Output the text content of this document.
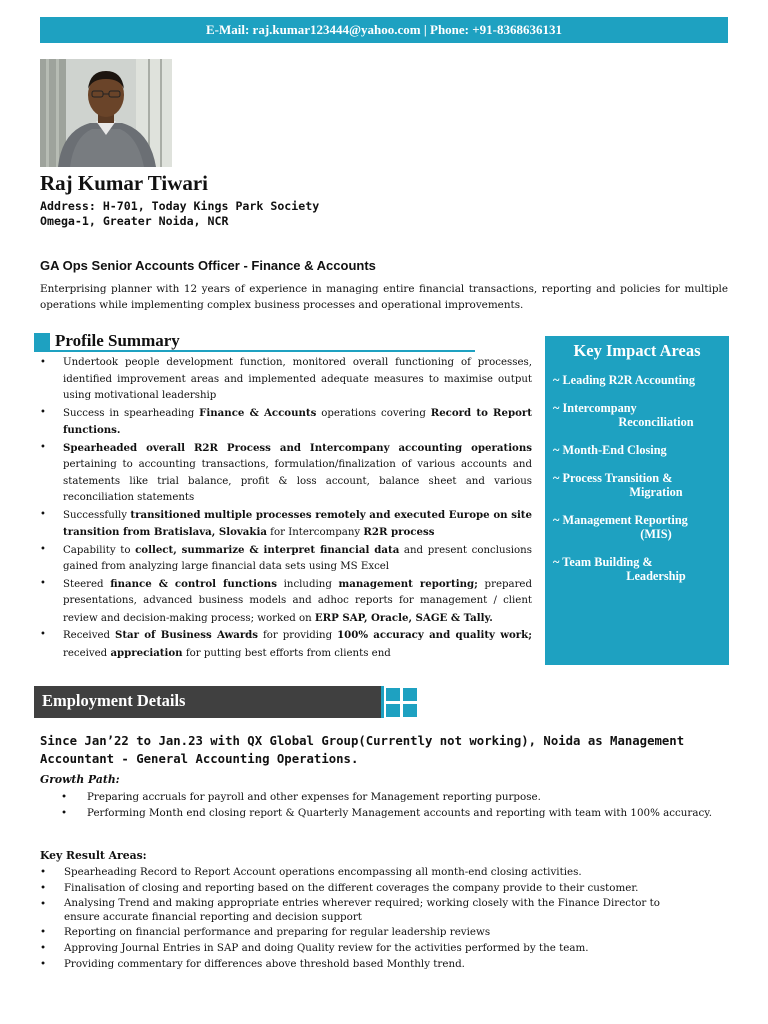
E-Mail: raj.kumar123444@yahoo.com | Phone: +91-8368636131
Raj Kumar Tiwari
Address: H-701, Today Kings Park Society
Omega-1, Greater Noida, NCR
GA Ops Senior Accounts Officer - Finance & Accounts
Enterprising planner with 12 years of experience in managing entire financial transactions, reporting and policies for multiple operations while implementing complex business processes and operational improvements.
Profile Summary
• Undertook people development function, monitored overall functioning of processes, identified improvement areas and implemented adequate measures to maximise output using motivational leadership
• Success in spearheading Finance & Accounts operations covering Record to Report functions.
• Spearheaded overall R2R Process and Intercompany accounting operations pertaining to accounting transactions, formulation/finalization of various accounts and statements like trial balance, profit & loss account, balance sheet and various reconciliation statements
• Successfully transitioned multiple processes remotely and executed Europe on site transition from Bratislava, Slovakia for Intercompany R2R process
• Capability to collect, summarize & interpret financial data and present conclusions gained from analyzing large financial data sets using MS Excel
• Steered finance & control functions including management reporting; prepared presentations, advanced business models and adhoc reports for management / client review and decision-making process; worked on ERP SAP, Oracle, SAGE & Tally.
• Received Star of Business Awards for providing 100% accuracy and quality work; received appreciation for putting best efforts from clients end
Key Impact Areas
~ Leading R2R Accounting
~ Intercompany
Reconciliation
~ Month-End Closing
~ Process Transition &
Migration
~ Management Reporting
(MIS)
~ Team Building &
Leadership
Employment Details
Since Jan’22 to Jan.23 with QX Global Group(Currently not working), Noida as Management Accountant - General Accounting Operations.
Growth Path:
• Preparing accruals for payroll and other expenses for Management reporting purpose.
• Performing Month end closing report & Quarterly Management accounts and reporting with team with 100% accuracy.
Key Result Areas:
• Spearheading Record to Report Account operations encompassing all month-end closing activities.
• Finalisation of closing and reporting based on the different coverages the company provide to their customer.
• Analysing Trend and making appropriate entries wherever required; working closely with the Finance Director to
ensure accurate financial reporting and decision support
• Reporting on financial performance and preparing for regular leadership reviews
• Approving Journal Entries in SAP and doing Quality review for the activities performed by the team.
• Providing commentary for differences above threshold based Monthly trend.
